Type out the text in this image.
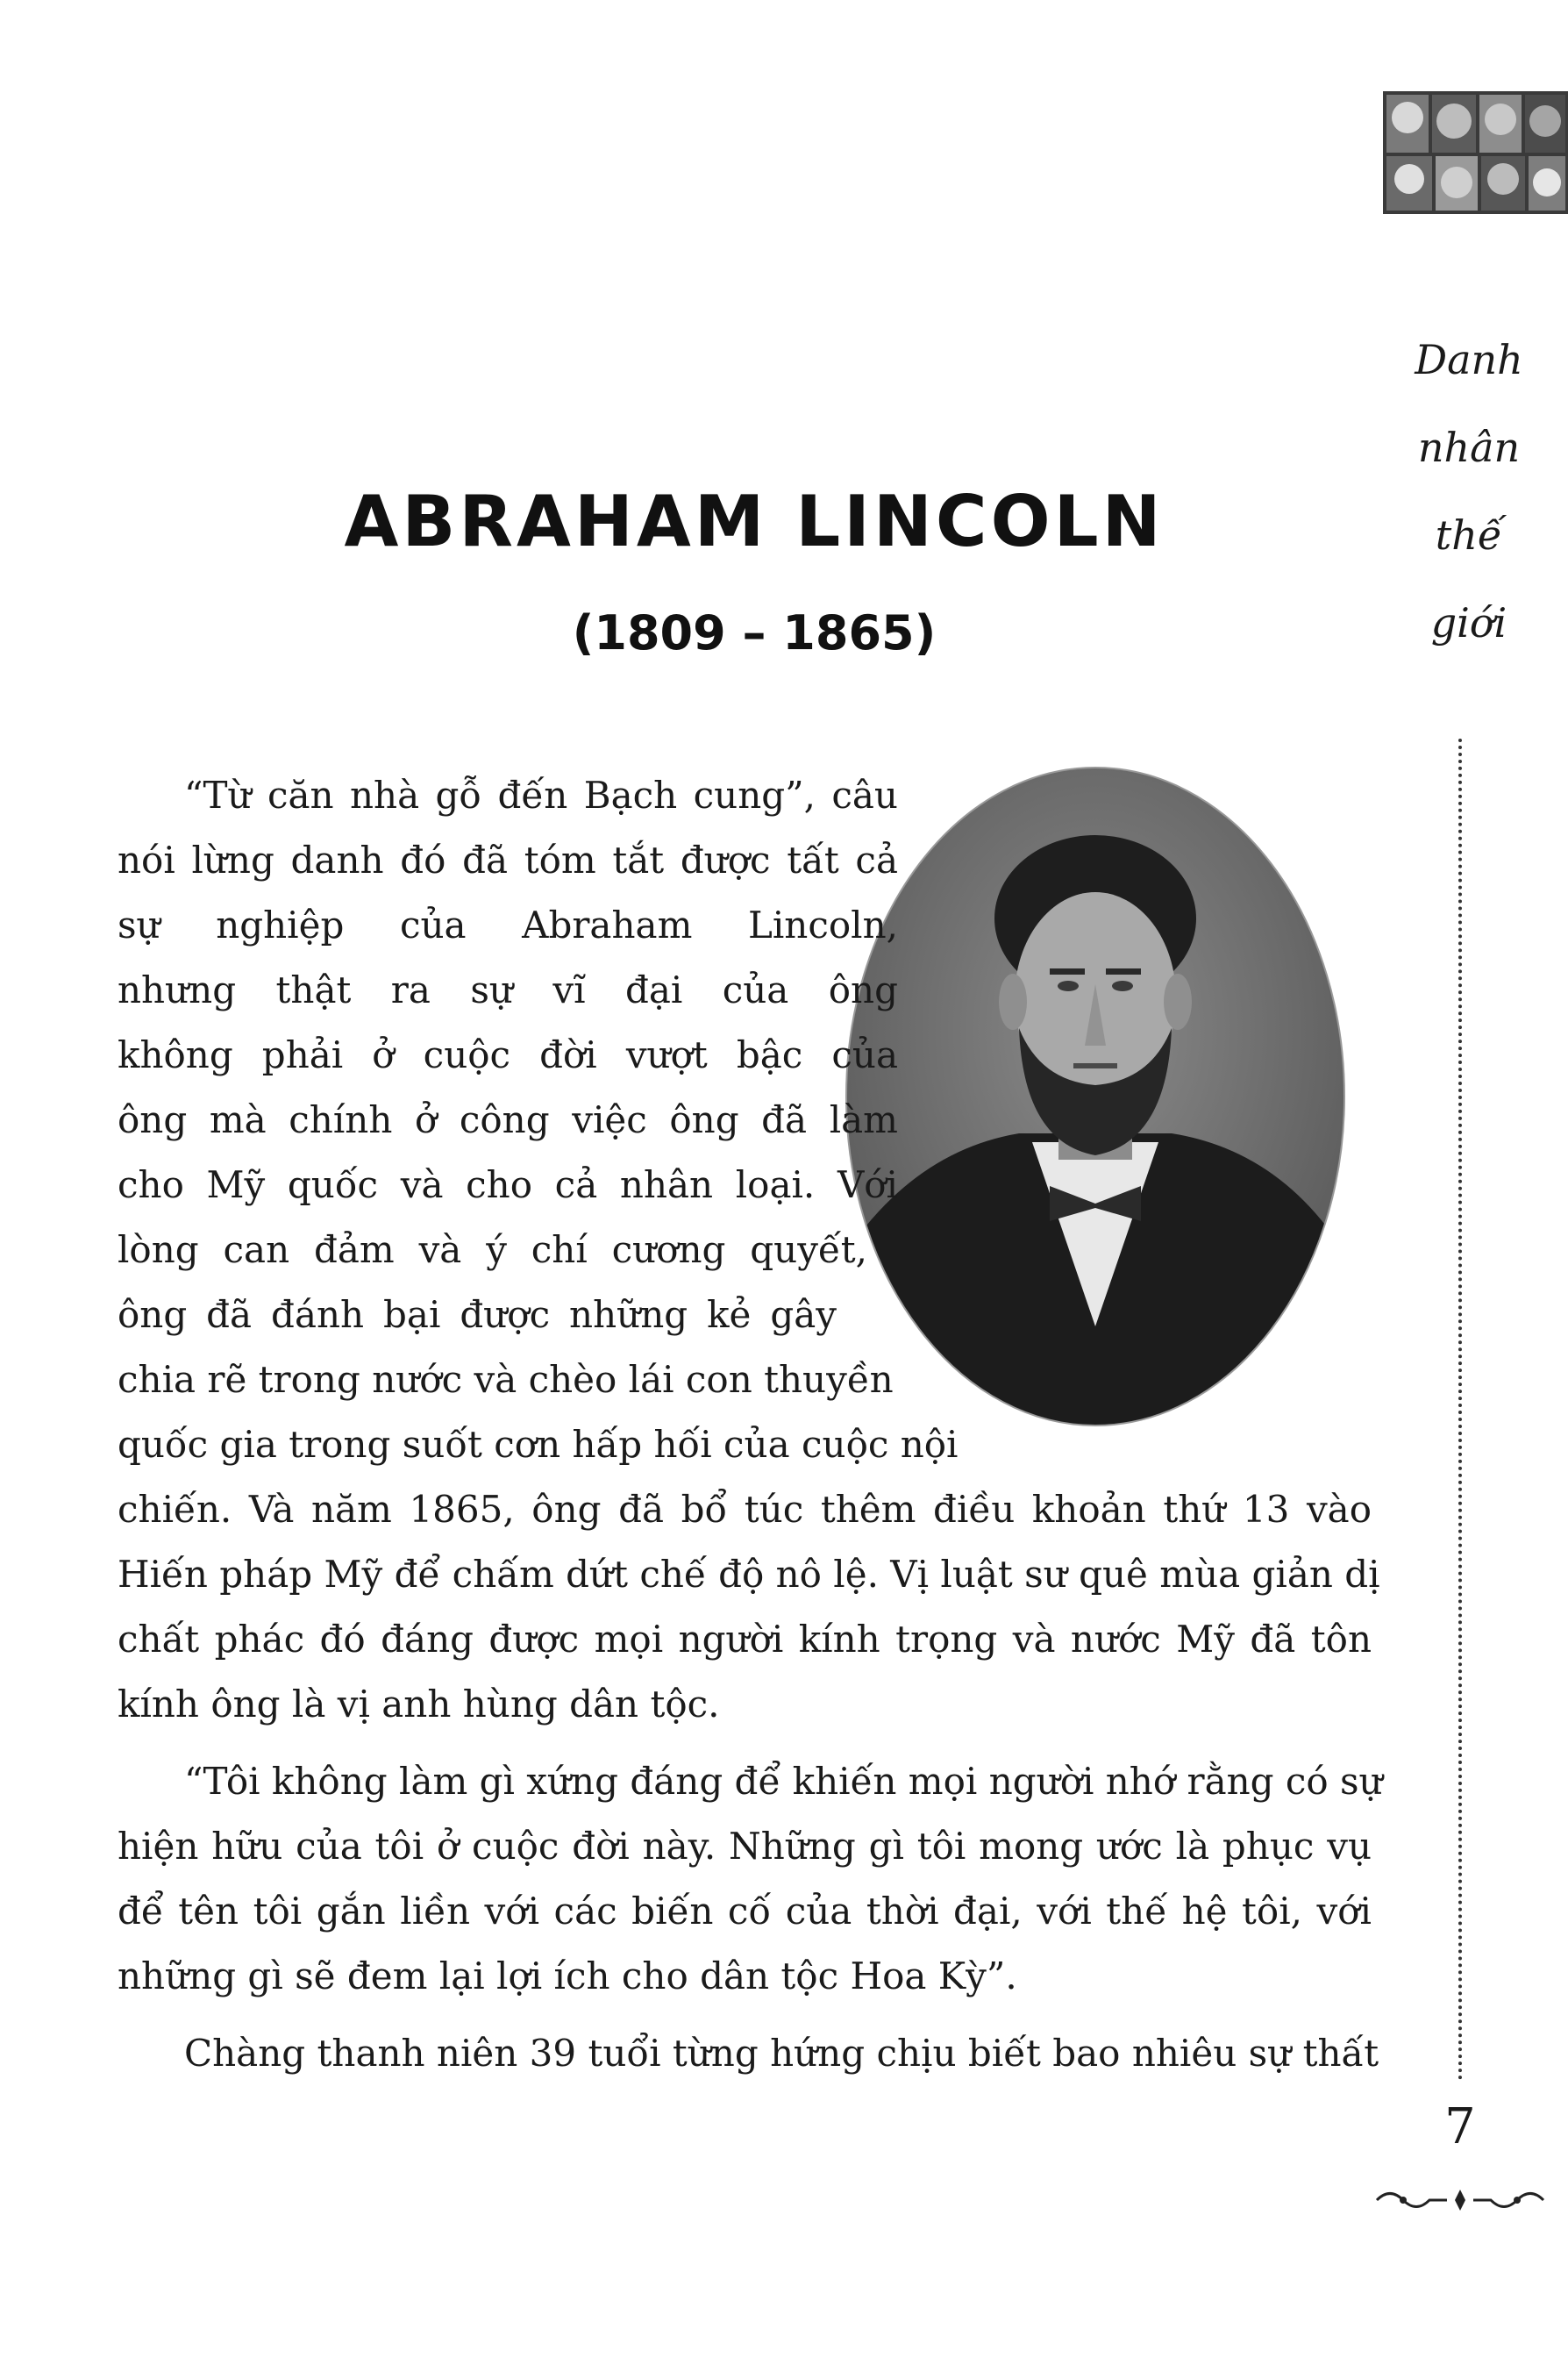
Danh
nhân
thế
giới
ABRAHAM LINCOLN
(1809 – 1865)
“Từ căn nhà gỗ đến Bạch cung”, câu
nói lừng danh đó đã tóm tắt được tất cả
sự nghiệp của Abraham Lincoln,
nhưng thật ra sự vĩ đại của ông
không phải ở cuộc đời vượt bậc của
ông mà chính ở công việc ông đã làm
cho Mỹ quốc và cho cả nhân loại. Với
lòng can đảm và ý chí cương quyết,
ông đã đánh bại được những kẻ gây
chia rẽ trong nước và chèo lái con thuyền
quốc gia trong suốt cơn hấp hối của cuộc nội
chiến. Và năm 1865, ông đã bổ túc thêm điều khoản thứ 13 vào
Hiến pháp Mỹ để chấm dứt chế độ nô lệ. Vị luật sư quê mùa giản dị
chất phác đó đáng được mọi người kính trọng và nước Mỹ đã tôn
kính ông là vị anh hùng dân tộc.
“Tôi không làm gì xứng đáng để khiến mọi người nhớ rằng có sự
hiện hữu của tôi ở cuộc đời này. Những gì tôi mong ước là phục vụ
để tên tôi gắn liền với các biến cố của thời đại, với thế hệ tôi, với
những gì sẽ đem lại lợi ích cho dân tộc Hoa Kỳ”.
Chàng thanh niên 39 tuổi từng hứng chịu biết bao nhiêu sự thất
7
